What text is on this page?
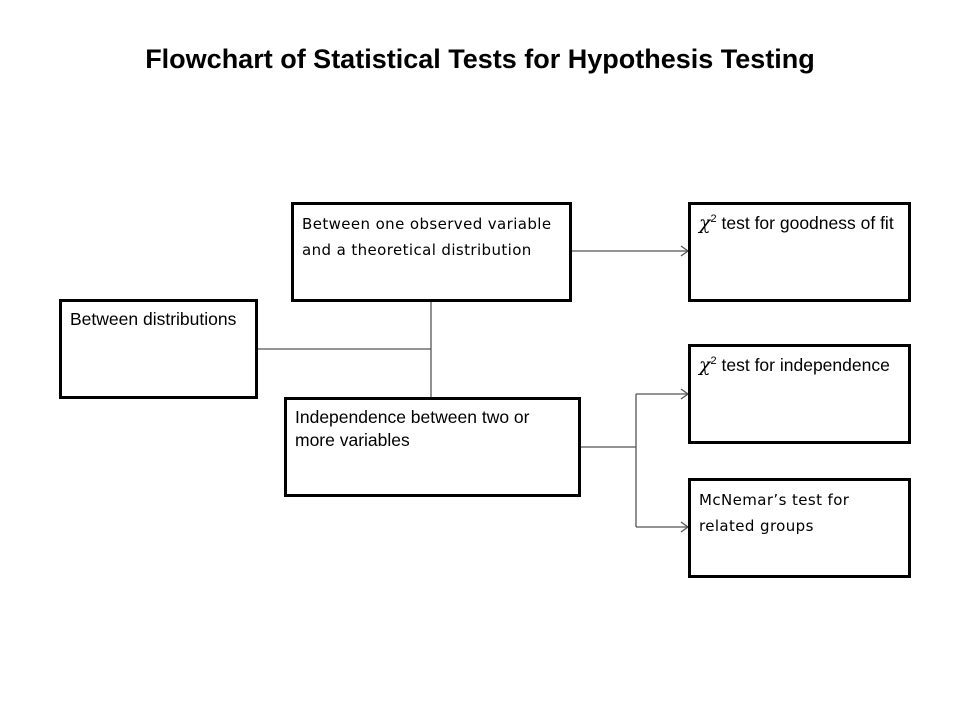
Flowchart of Statistical Tests for Hypothesis Testing
Between distributions
Between one observed variable and a theoretical distribution
Independence between two or more variables
$\chi^2$ test for goodness of fit
$\chi^2$ test for independence
McNemar’s test for related groups
